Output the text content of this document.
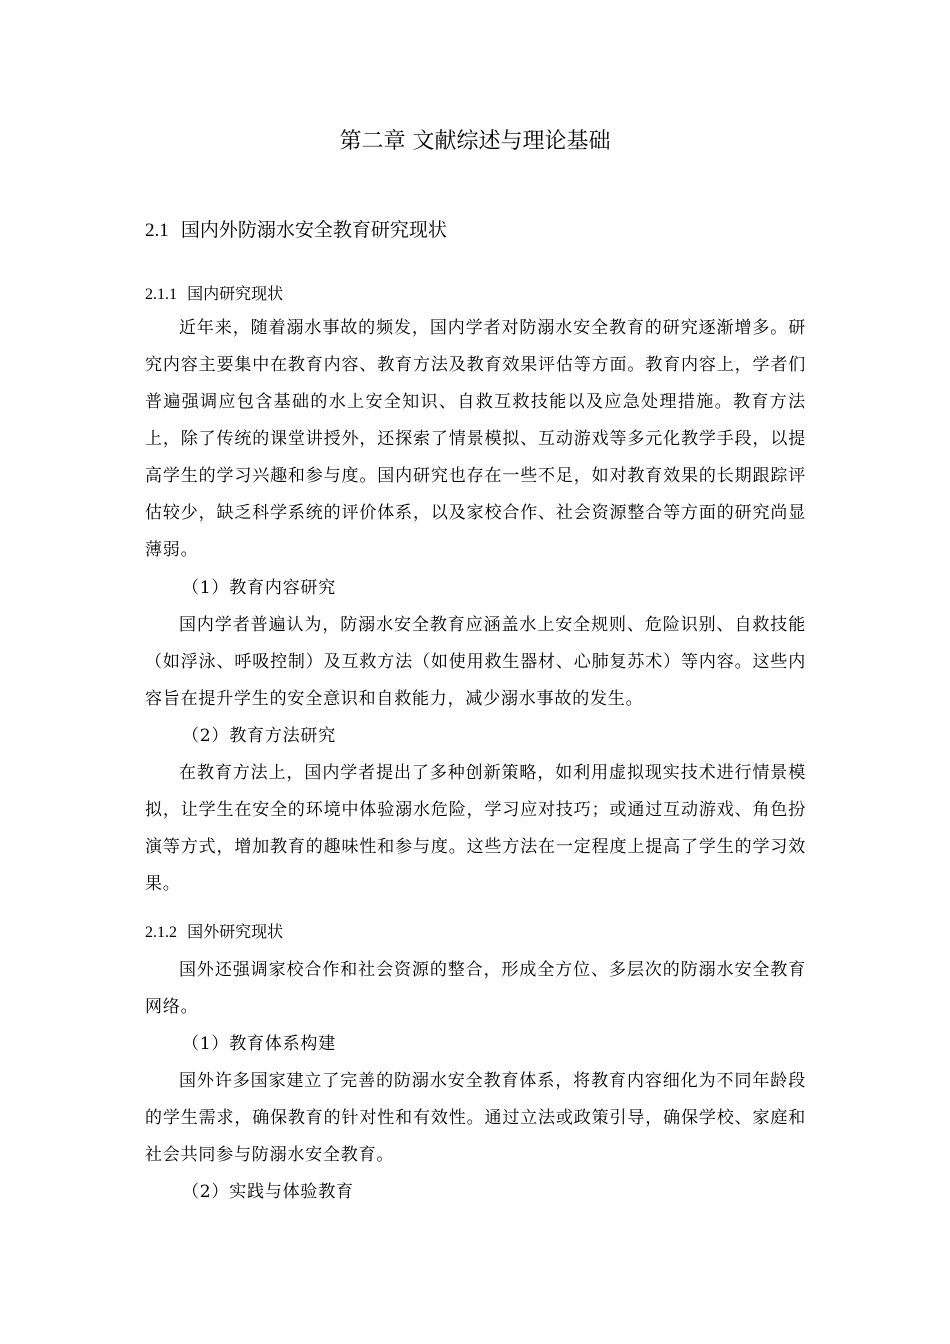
第二章 文献综述与理论基础
2.1 国内外防溺水安全教育研究现状
2.1.1 国内研究现状

近年来，随着溺水事故的频发，国内学者对防溺水安全教育的研究逐渐增多。研究内容主要集中在教育内容、教育方法及教育效果评估等方面。教育内容上，学者们普遍强调应包含基础的水上安全知识、自救互救技能以及应急处理措施。教育方法上，除了传统的课堂讲授外，还探索了情景模拟、互动游戏等多元化教学手段，以提高学生的学习兴趣和参与度。国内研究也存在一些不足，如对教育效果的长期跟踪评估较少，缺乏科学系统的评价体系，以及家校合作、社会资源整合等方面的研究尚显薄弱。

（1）教育内容研究

国内学者普遍认为，防溺水安全教育应涵盖水上安全规则、危险识别、自救技能（如浮泳、呼吸控制）及互救方法（如使用救生器材、心肺复苏术）等内容。这些内容旨在提升学生的安全意识和自救能力，减少溺水事故的发生。

（2）教育方法研究

在教育方法上，国内学者提出了多种创新策略，如利用虚拟现实技术进行情景模拟，让学生在安全的环境中体验溺水危险，学习应对技巧；或通过互动游戏、角色扮演等方式，增加教育的趣味性和参与度。这些方法在一定程度上提高了学生的学习效果。

2.1.2 国外研究现状

国外还强调家校合作和社会资源的整合，形成全方位、多层次的防溺水安全教育网络。

（1）教育体系构建

国外许多国家建立了完善的防溺水安全教育体系，将教育内容细化为不同年龄段的学生需求，确保教育的针对性和有效性。通过立法或政策引导，确保学校、家庭和社会共同参与防溺水安全教育。

（2）实践与体验教育
